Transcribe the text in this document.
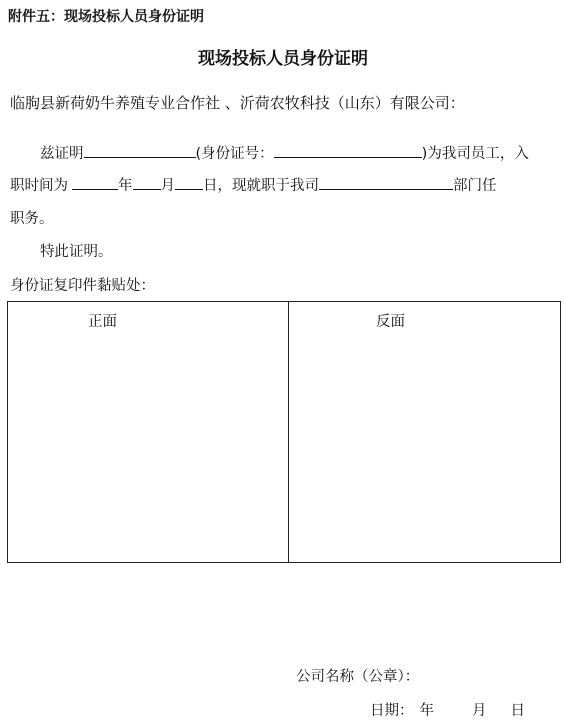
附件五：现场投标人员身份证明
现场投标人员身份证明
临朐县新荷奶牛养殖专业合作社 、沂荷农牧科技（山东）有限公司：
兹证明	(身份证号：	)为我司员工，入
职时间为	年 月 日，现就职于我司	部门任
职务。
特此证明。
身份证复印件黏贴处：
正面	反面
公司名称（公章）：
日期： 年	月 日
